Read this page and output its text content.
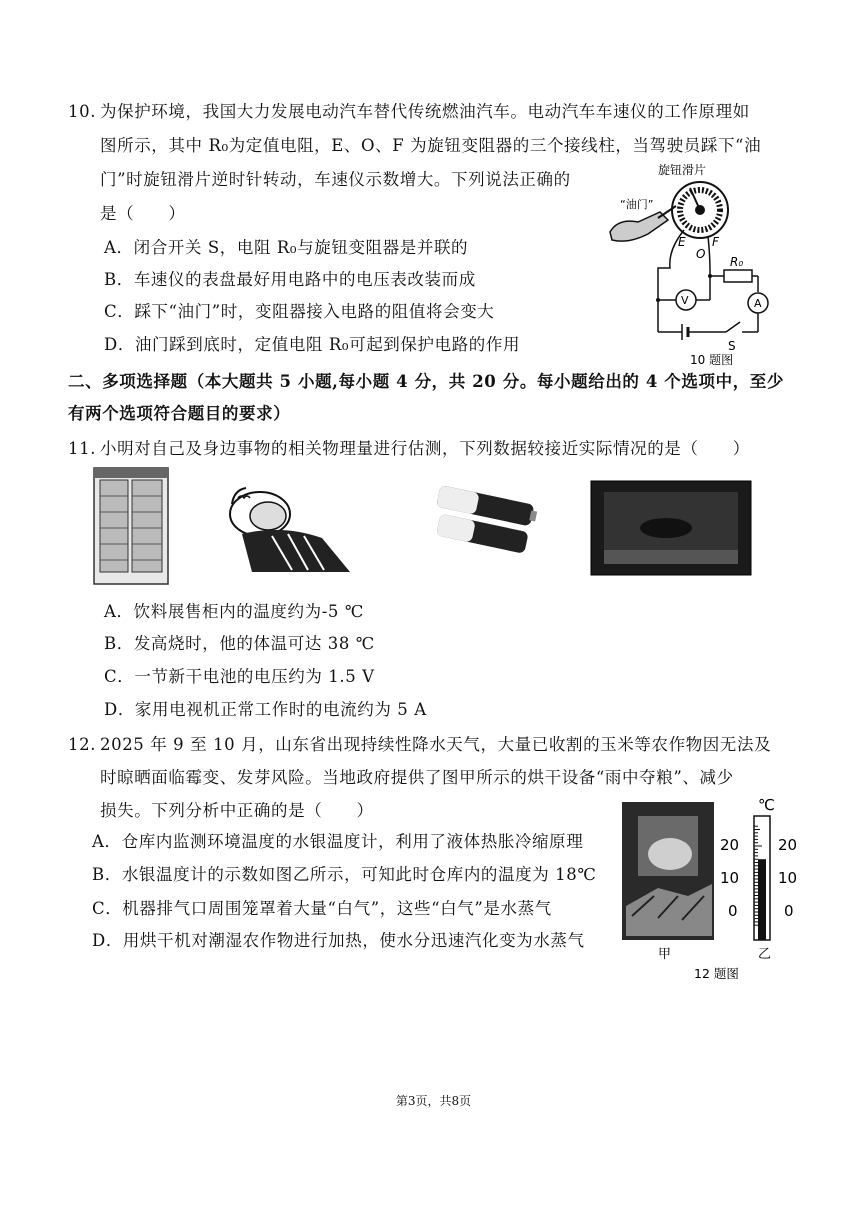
10. 为保护环境，我国大力发展电动汽车替代传统燃油汽车。电动汽车车速仪的工作原理如
图所示，其中 R₀为定值电阻，E、O、F 为旋钮变阻器的三个接线柱，当驾驶员踩下“油
门”时旋钮滑片逆时针转动，车速仪示数增大。下列说法正确的
是（　　）
A．闭合开关 S，电阻 R₀与旋钮变阻器是并联的
B．车速仪的表盘最好用电路中的电压表改装而成
C．踩下“油门”时，变阻器接入电路的阻值将会变大
D．油门踩到底时，定值电阻 R₀可起到保护电路的作用
旋钮滑片
“油门”
E
O
F
R₀
V	A
S
10 题图
二、多项选择题（本大题共 5 小题,每小题 4 分，共 20 分。每小题给出的 4 个选项中，至少
有两个选项符合题目的要求）
11. 小明对自己及身边事物的相关物理量进行估测，下列数据较接近实际情况的是（　　）
A．饮料展售柜内的温度约为-5 ℃
B．发高烧时，他的体温可达 38 ℃
C．一节新干电池的电压约为 1.5 V
D．家用电视机正常工作时的电流约为 5 A
12. 2025 年 9 至 10 月，山东省出现持续性降水天气，大量已收割的玉米等农作物因无法及
时晾晒面临霉变、发芽风险。当地政府提供了图甲所示的烘干设备“雨中夺粮”、减少
损失。下列分析中正确的是（　　）
A．仓库内监测环境温度的水银温度计，利用了液体热胀冷缩原理
B．水银温度计的示数如图乙所示，可知此时仓库内的温度为 18℃
C．机器排气口周围笼罩着大量“白气”，这些“白气”是水蒸气
D．用烘干机对潮湿农作物进行加热，使水分迅速汽化变为水蒸气
℃
20
10
0
20
10
0
甲	乙
12 题图
第3页，共8页
